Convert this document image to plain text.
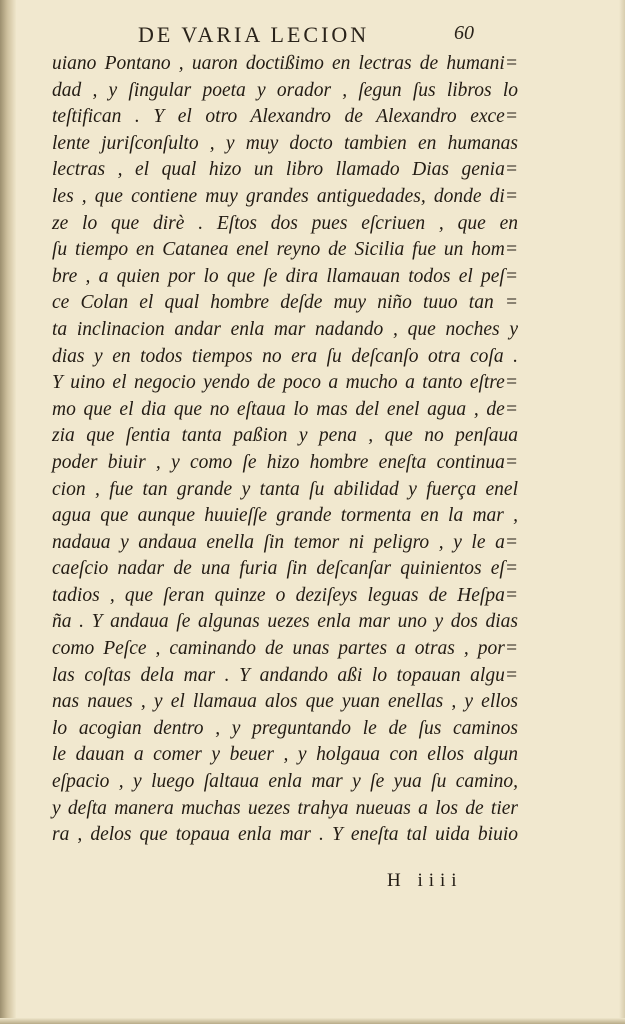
DE VARIA LECION	60
uiano Pontano , uaron doctißimo en lectras de humani=
dad , y ſingular poeta y orador , ſegun ſus libros lo
teſtifican . Y el otro Alexandro de Alexandro exce=
lente juriſconſulto , y muy docto tambien en humanas
lectras , el qual hizo un libro llamado Dias genia=
les , que contiene muy grandes antiguedades, donde di=
ze lo que dirè . Eſtos dos pues eſcriuen , que en
ſu tiempo en Catanea enel reyno de Sicilia fue un hom=
bre , a quien por lo que ſe dira llamauan todos el peſ=
ce Colan el qual hombre deſde muy niño tuuo tan =
ta inclinacion andar enla mar nadando , que noches y
dias y en todos tiempos no era ſu deſcanſo otra coſa .
Y uino el negocio yendo de poco a mucho a tanto eſtre=
mo que el dia que no eſtaua lo mas del enel agua , de=
zia que ſentia tanta paßion y pena , que no penſaua
poder biuir , y como ſe hizo hombre eneſta continua=
cion , fue tan grande y tanta ſu abilidad y fuerça enel
agua que aunque huuieſſe grande tormenta en la mar ,
nadaua y andaua enella ſin temor ni peligro , y le a=
caeſcio nadar de una furia ſin deſcanſar quinientos eſ=
tadios , que ſeran quinze o deziſeys leguas de Heſpa=
ña . Y andaua ſe algunas uezes enla mar uno y dos dias
como Peſce , caminando de unas partes a otras , por=
las coſtas dela mar . Y andando aßi lo topauan algu=
nas naues , y el llamaua alos que yuan enellas , y ellos
lo acogian dentro , y preguntando le de ſus caminos
le dauan a comer y beuer , y holgaua con ellos algun
eſpacio , y luego ſaltaua enla mar y ſe yua ſu camino,
y deſta manera muchas uezes trahya nueuas a los de tier
ra , delos que topaua enla mar . Y eneſta tal uida biuio
H iiii
